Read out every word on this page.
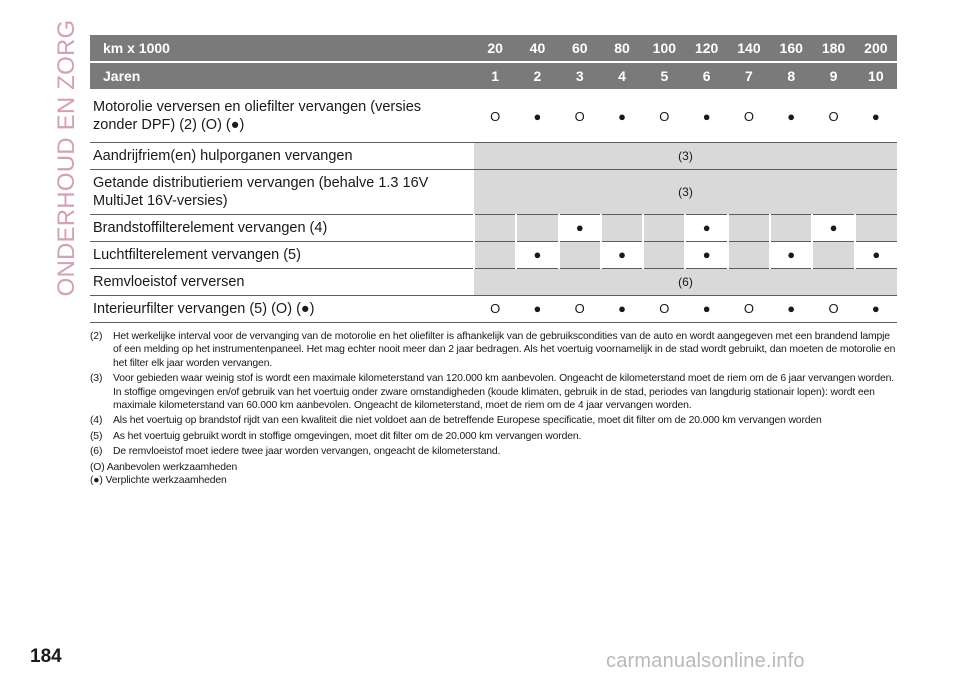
ONDERHOUD EN ZORG km x 1000	20	40	60	80	100	120	140	160	180	200
Jaren	1	2	3	4	5	6	7	8	9	10
Motorolie verversen en oliefilter vervangen (versies zonder DPF) (2) (O) (●)	O	●	O	●	O	●	O	●	O	●
Aandrijfriem(en) hulporganen vervangen	(3)									
Getande distributieriem vervangen (behalve 1.3 16V MultiJet 16V-versies)	(3)									
Brandstoffilterelement vervangen (4)			●			●			●	
Luchtfilterelement vervangen (5)		●		●		●		●		●
Remvloeistof verversen	(6)									
Interieurfilter vervangen (5) (O) (●)	O	●	O	●	O	●	O	●	O	●
(2)	Het werkelijke interval voor de vervanging van de motorolie en het oliefilter is afhankelijk van de gebruikscondities van de auto en wordt aangegeven met een brandend lampje of een melding op het instrumentenpaneel. Het mag echter nooit meer dan 2 jaar bedragen. Als het voertuig voornamelijk in de stad wordt gebruikt, dan moeten de motorolie en het filter elk jaar worden vervangen.
(3)	Voor gebieden waar weinig stof is wordt een maximale kilometerstand van 120.000 km aanbevolen. Ongeacht de kilometerstand moet de riem om de 6 jaar vervangen worden. In stoffige omgevingen en/of gebruik van het voertuig onder zware omstandigheden (koude klimaten, gebruik in de stad, periodes van langdurig stationair lopen): wordt een maximale kilometerstand van 60.000 km aanbevolen. Ongeacht de kilometerstand, moet de riem om de 4 jaar vervangen worden.
(4)	Als het voertuig op brandstof rijdt van een kwaliteit die niet voldoet aan de betreffende Europese specificatie, moet dit filter om de 20.000 km vervangen worden
(5)	As het voertuig gebruikt wordt in stoffige omgevingen, moet dit filter om de 20.000 km vervangen worden.
(6)	De remvloeistof moet iedere twee jaar worden vervangen, ongeacht de kilometerstand.
(O) Aanbevolen werkzaamheden
(●) Verplichte werkzaamheden
184	carmanualsonline.info
